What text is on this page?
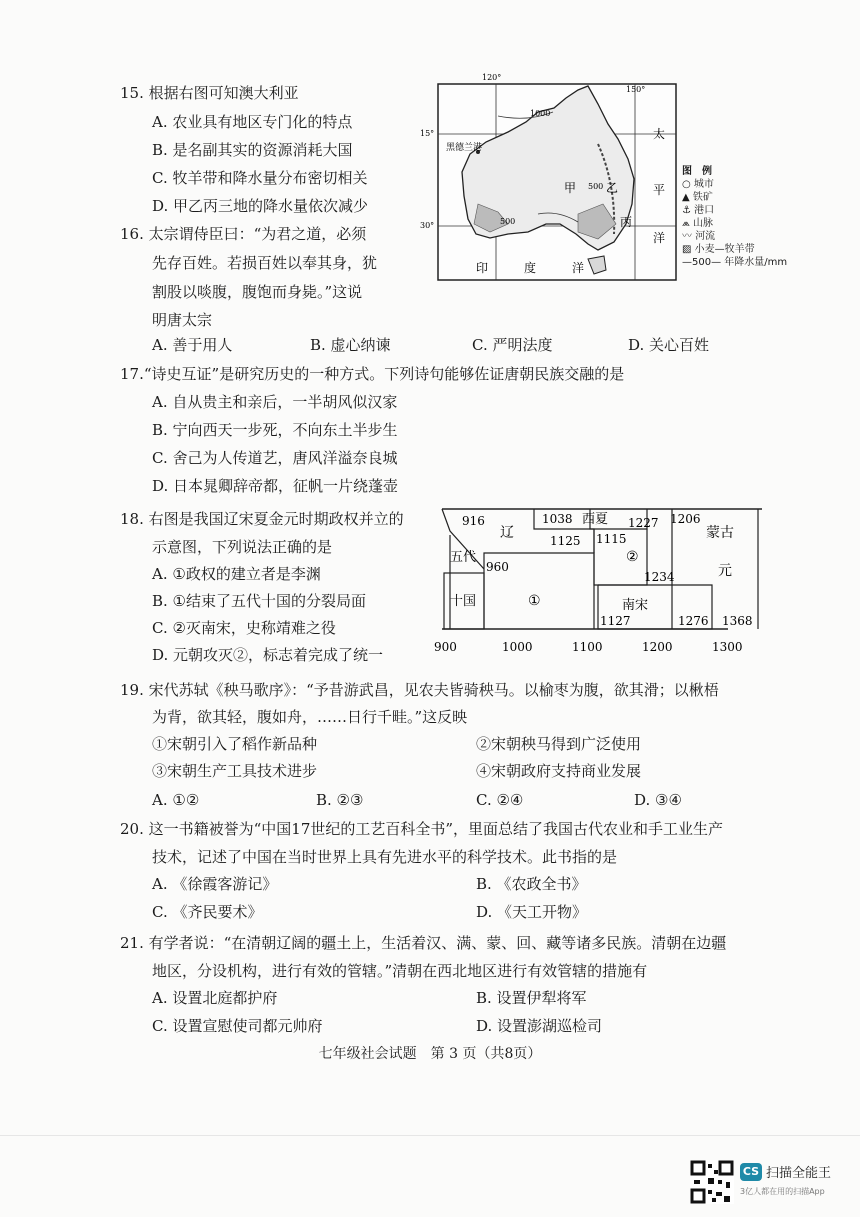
15. 根据右图可知澳大利亚
A. 农业具有地区专门化的特点
B. 是名副其实的资源消耗大国
C. 牧羊带和降水量分布密切相关
D. 甲乙丙三地的降水量依次减少
120°
150°
15°
30°
1000
500
500
黑德兰港
甲 乙
丙
太
平
洋
印	度	洋
图　例
○ 城市
▲ 铁矿
⚓ 港口
⩕ 山脉
〰 河流
▨ 小麦—牧羊带
—500— 年降水量/mm
16. 太宗谓侍臣曰：“为君之道，必须
先存百姓。若损百姓以奉其身，犹
割股以啖腹，腹饱而身毙。”这说
明唐太宗
A. 善于用人	B. 虚心纳谏	C. 严明法度	D. 关心百姓
17.“诗史互证”是研究历史的一种方式。下列诗句能够佐证唐朝民族交融的是
A. 自从贵主和亲后，一半胡风似汉家
B. 宁向西天一步死，不向东土半步生
C. 舍己为人传道艺，唐风洋溢奈良城
D. 日本晁卿辞帝都，征帆一片绕蓬壶
18. 右图是我国辽宋夏金元时期政权并立的
示意图，下列说法正确的是
A. ①政权的建立者是李渊
B. ①结束了五代十国的分裂局面
C. ②灭南宋，史称靖难之役
D. 元朝攻灭②，标志着完成了统一
916
辽
1038 西夏 1227 1206
蒙古
1125 1115
②
五代
960
1234	元
十国	①	南宋
1127	1276 1368
900	1000	1100	1200	1300
19. 宋代苏轼《秧马歌序》：“予昔游武昌，见农夫皆骑秧马。以榆枣为腹，欲其滑；以楸梧
为背，欲其轻，腹如舟，……日行千畦。”这反映
①宋朝引入了稻作新品种	②宋朝秧马得到广泛使用
③宋朝生产工具技术进步	④宋朝政府支持商业发展
A. ①②	B. ②③	C. ②④	D. ③④
20. 这一书籍被誉为“中国17世纪的工艺百科全书”，里面总结了我国古代农业和手工业生产
技术，记述了中国在当时世界上具有先进水平的科学技术。此书指的是
A. 《徐霞客游记》	B. 《农政全书》
C. 《齐民要术》	D. 《天工开物》
21. 有学者说：“在清朝辽阔的疆土上，生活着汉、满、蒙、回、藏等诸多民族。清朝在边疆
地区，分设机构，进行有效的管辖。”清朝在西北地区进行有效管辖的措施有
A. 设置北庭都护府	B. 设置伊犁将军
C. 设置宣慰使司都元帅府	D. 设置澎湖巡检司
七年级社会试题　第 3 页（共8页）
CS 扫描全能王
3亿人都在用的扫描App
